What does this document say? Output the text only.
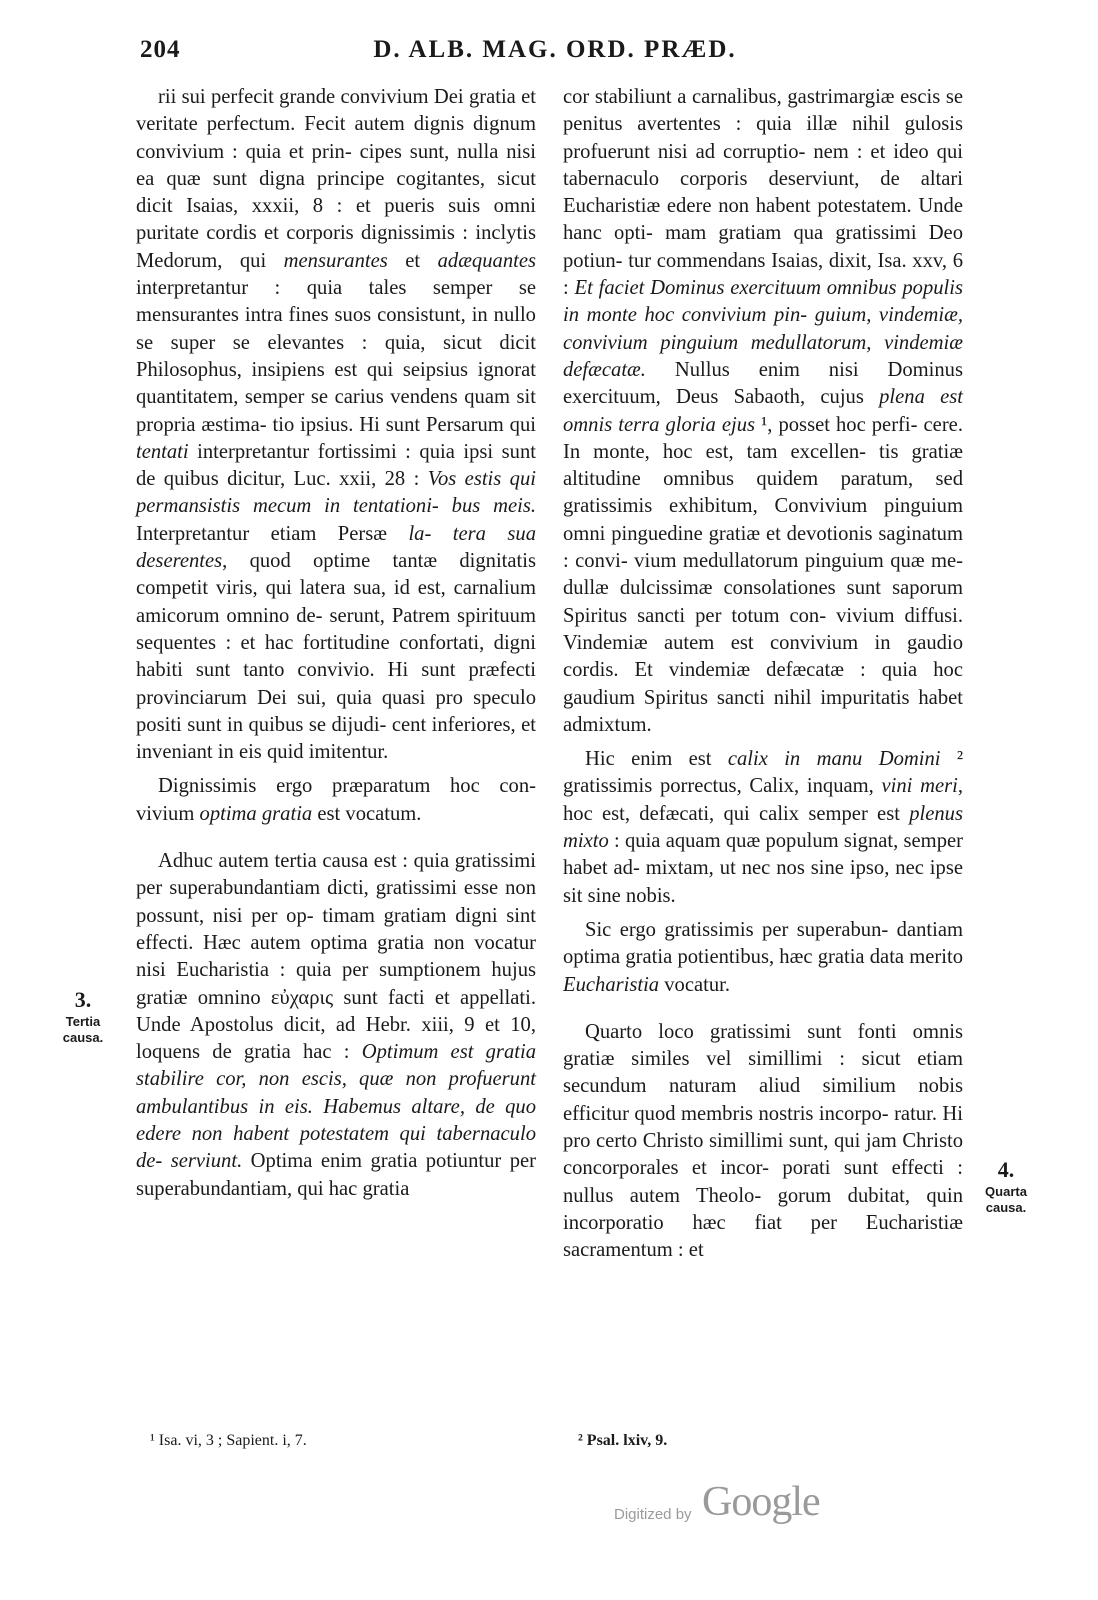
204	D. ALB. MAG. ORD. PRÆD.

rii sui perfecit grande convivium Dei gratia et veritate perfectum. Fecit autem dignis dignum convivium : quia et prin- cipes sunt, nulla nisi ea quæ sunt digna principe cogitantes, sicut dicit Isaias, xxxii, 8 : et pueris suis omni puritate cordis et corporis dignissimis : inclytis Medorum, qui mensurantes et adæquantes interpretantur : quia tales semper se mensurantes intra fines suos consistunt, in nullo se super se elevantes : quia, sicut dicit Philosophus, insipiens est qui seipsius ignorat quantitatem, semper se carius vendens quam sit propria æstima- tio ipsius. Hi sunt Persarum qui tentati interpretantur fortissimi : quia ipsi sunt de quibus dicitur, Luc. xxii, 28 : Vos estis qui permansistis mecum in tentationi- bus meis. Interpretantur etiam Persæ la- tera sua deserentes, quod optime tantæ dignitatis competit viris, qui latera sua, id est, carnalium amicorum omnino de- serunt, Patrem spirituum sequentes : et hac fortitudine confortati, digni habiti sunt tanto convivio. Hi sunt præfecti provinciarum Dei sui, quia quasi pro speculo positi sunt in quibus se dijudi- cent inferiores, et inveniant in eis quid imitentur.

Dignissimis ergo præparatum hoc con- vivium optima gratia est vocatum.

Adhuc autem tertia causa est : quia gratissimi per superabundantiam dicti, gratissimi esse non possunt, nisi per op- timam gratiam digni sint effecti. Hæc autem optima gratia non vocatur nisi Eucharistia : quia per sumptionem hujus gratiæ omnino εὐχαρις sunt facti et appellati. Unde Apostolus dicit, ad Hebr. xiii, 9 et 10, loquens de gratia hac : Optimum est gratia stabilire cor, non escis, quæ non profuerunt ambulantibus in eis. Habemus altare, de quo edere non habent potestatem qui tabernaculo de- serviunt. Optima enim gratia potiuntur per superabundantiam, qui hac gratia

cor stabiliunt a carnalibus, gastrimargiæ escis se penitus avertentes : quia illæ nihil gulosis profuerunt nisi ad corruptio- nem : et ideo qui tabernaculo corporis deserviunt, de altari Eucharistiæ edere non habent potestatem. Unde hanc opti- mam gratiam qua gratissimi Deo potiun- tur commendans Isaias, dixit, Isa. xxv, 6 : Et faciet Dominus exercituum omnibus populis in monte hoc convivium pin- guium, vindemiæ, convivium pinguium medullatorum, vindemiæ defæcatæ. Nullus enim nisi Dominus exercituum, Deus Sabaoth, cujus plena est omnis terra gloria ejus ¹, posset hoc perfi- cere. In monte, hoc est, tam excellen- tis gratiæ altitudine omnibus quidem paratum, sed gratissimis exhibitum, Convivium pinguium omni pinguedine gratiæ et devotionis saginatum : convi- vium medullatorum pinguium quæ me- dullæ dulcissimæ consolationes sunt saporum Spiritus sancti per totum con- vivium diffusi. Vindemiæ autem est convivium in gaudio cordis. Et vindemiæ defæcatæ : quia hoc gaudium Spiritus sancti nihil impuritatis habet admixtum.

Hic enim est calix in manu Domini ² gratissimis porrectus, Calix, inquam, vini meri, hoc est, defæcati, qui calix semper est plenus mixto : quia aquam quæ populum signat, semper habet ad- mixtam, ut nec nos sine ipso, nec ipse sit sine nobis.

Sic ergo gratissimis per superabun- dantiam optima gratia potientibus, hæc gratia data merito Eucharistia vocatur.

Quarto loco gratissimi sunt fonti omnis gratiæ similes vel simillimi : sicut etiam secundum naturam aliud similium nobis efficitur quod membris nostris incorpo- ratur. Hi pro certo Christo simillimi sunt, qui jam Christo concorporales et incor- porati sunt effecti : nullus autem Theolo- gorum dubitat, quin incorporatio hæc fiat per Eucharistiæ sacramentum : et

3.
Tertia
causa.
4.
Quarta
causa.
¹ Isa. vi, 3 ; Sapient. i, 7.	² Psal. lxiv, 9.
Digitized by Google
